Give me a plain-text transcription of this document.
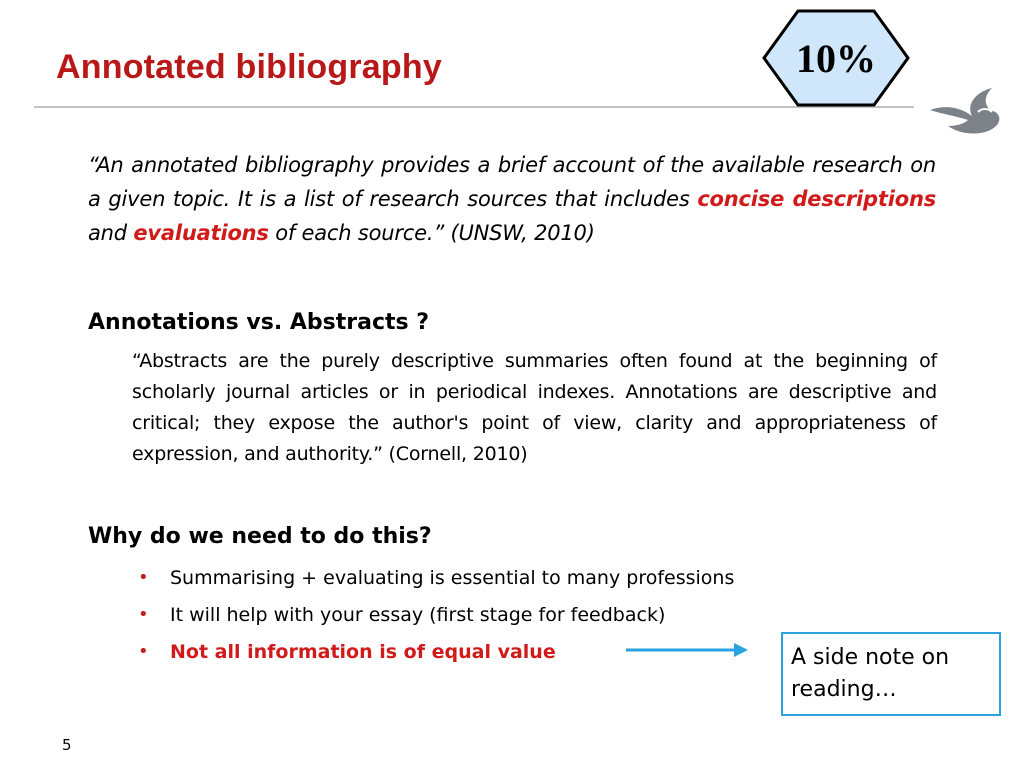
Annotated bibliography	10%

“An annotated bibliography provides a brief account of the available research on a given topic. It is a list of research sources that includes concise descriptions and evaluations of each source.” (UNSW, 2010)

Annotations vs. Abstracts ?

“Abstracts are the purely descriptive summaries often found at the beginning of scholarly journal articles or in periodical indexes. Annotations are descriptive and critical; they expose the author's point of view, clarity and appropriateness of expression, and authority.” (Cornell, 2010)

Why do we need to do this?
• Summarising + evaluating is essential to many professions
• It will help with your essay (first stage for feedback)
• Not all information is of equal value	A side note on
reading…
5
